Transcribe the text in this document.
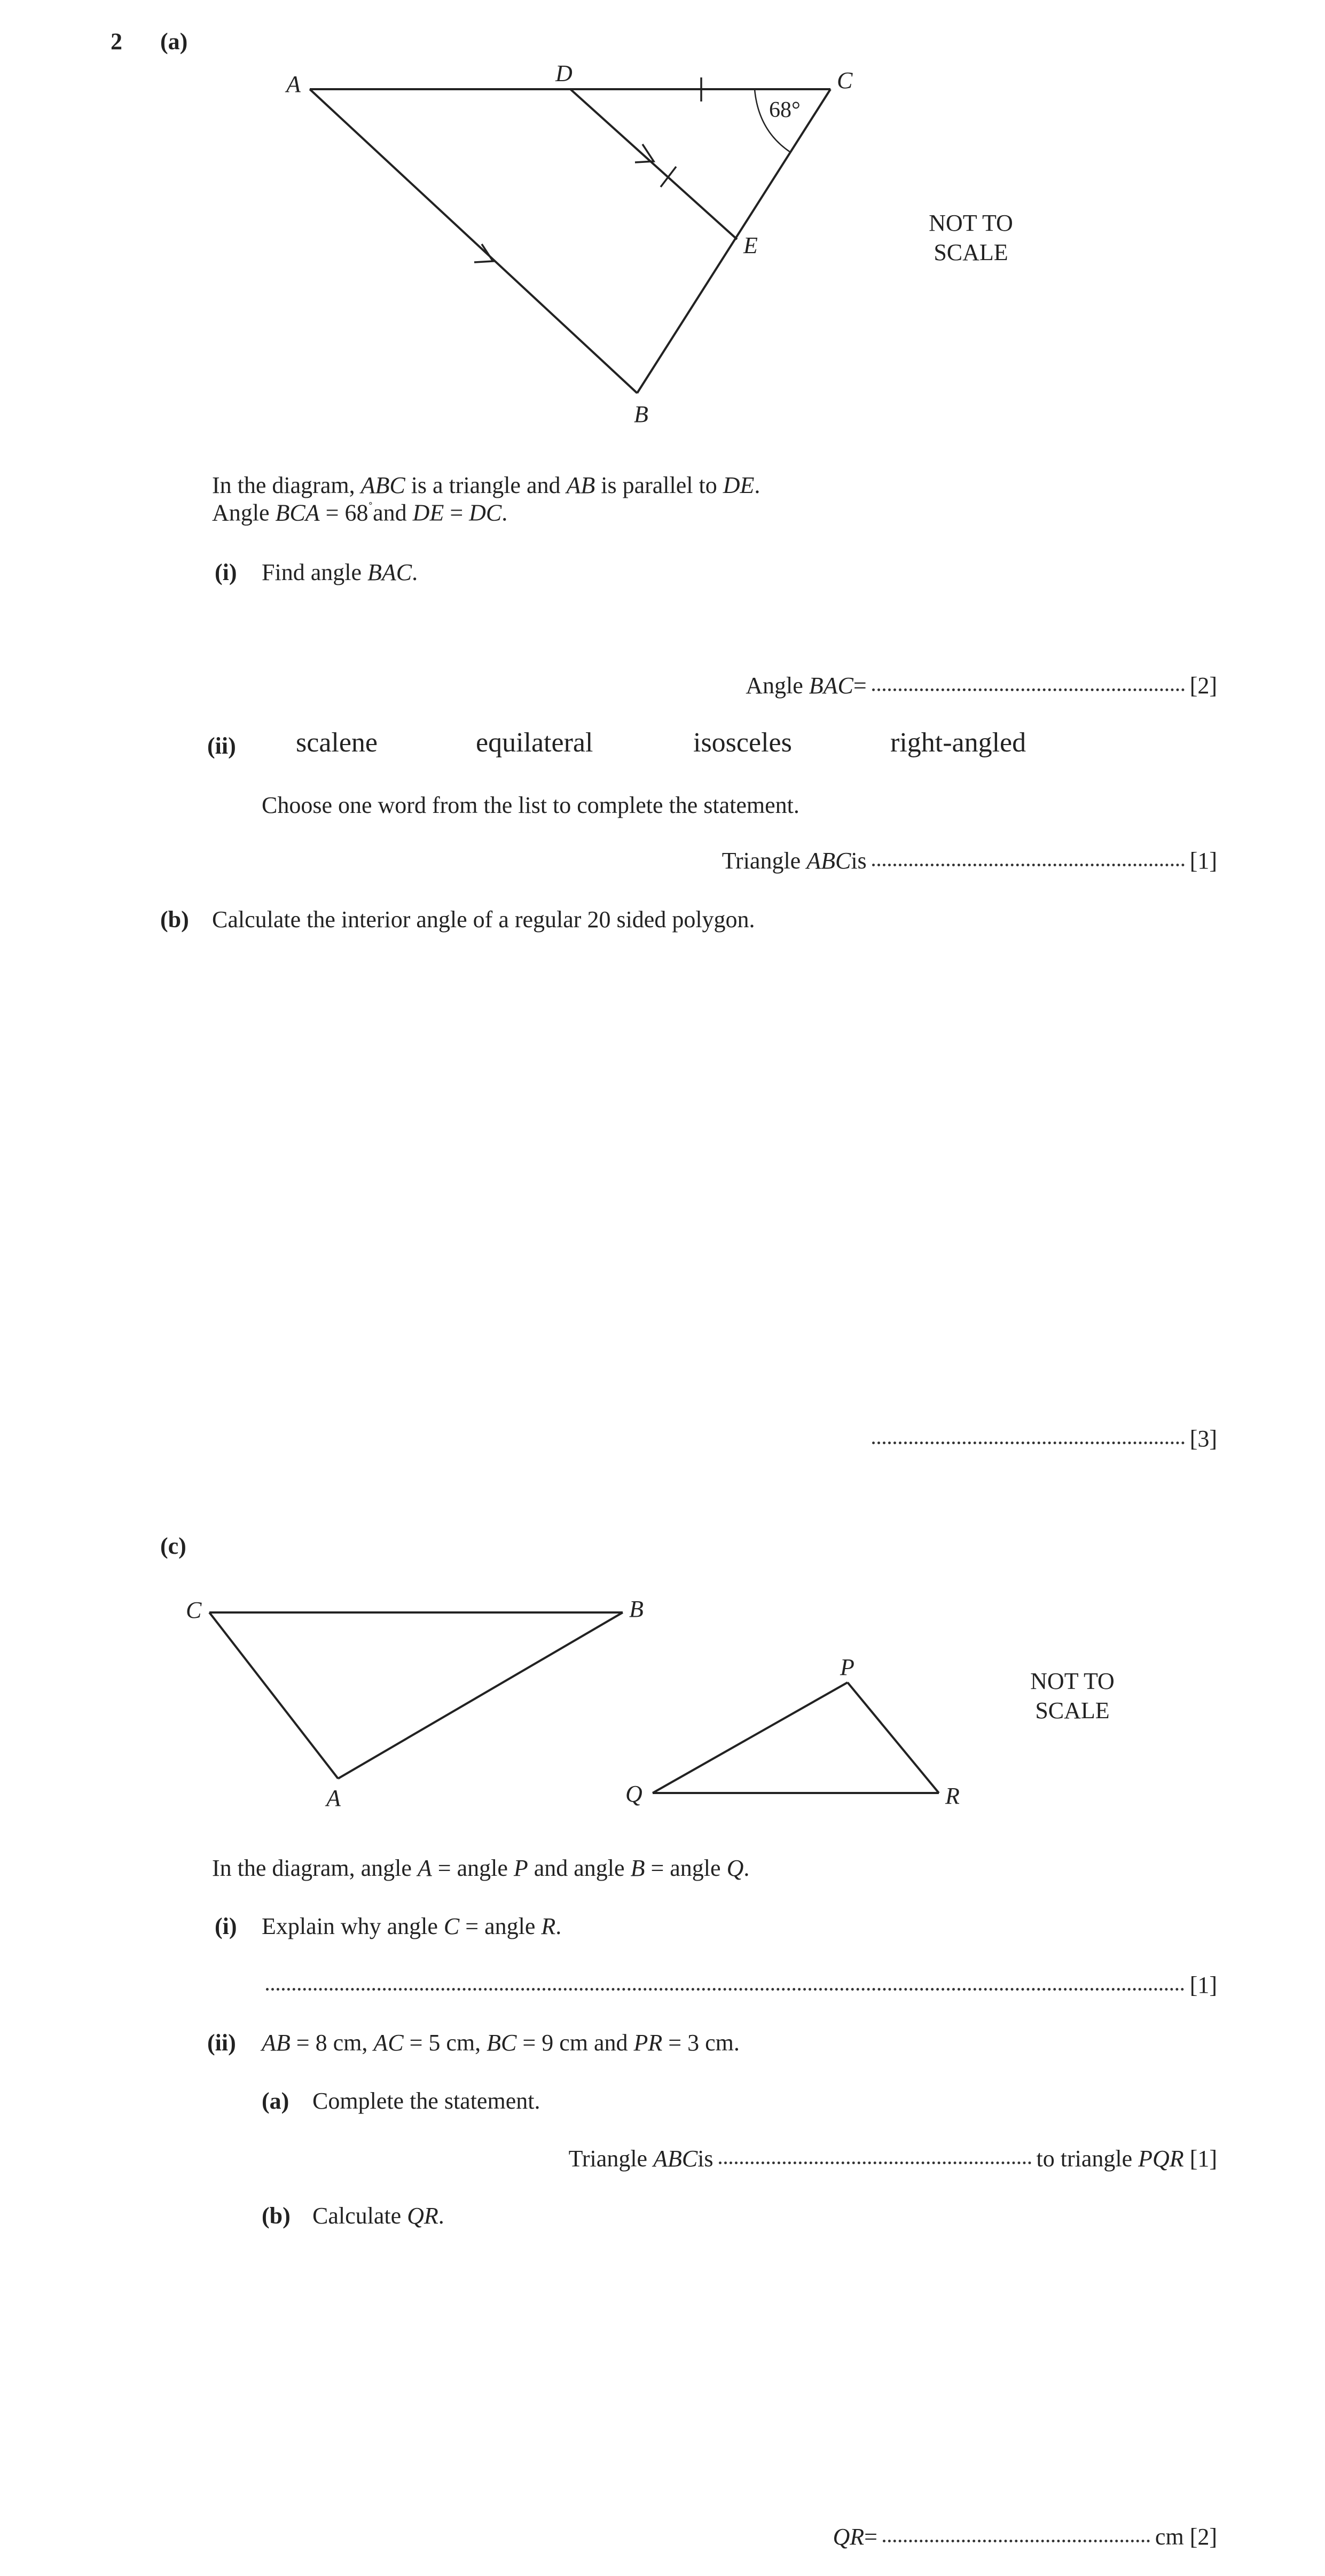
2 (a)
A	D	C
E
B
68°
NOT TO
SCALE
In the diagram, ABC is a triangle and AB is parallel to DE.
Angle BCA = 68˚and DE = DC.
(i) Find angle BAC.
Angle
BAC =	[2]
(ii) scalene	equilateral	isosceles	right-angled
Choose one word from the list to complete the statement.
Triangle
ABC is	[1]
(b) Calculate the interior angle of a regular 20 sided polygon.
[3]
(c)
C	B
A
P
Q	R
NOT TO
SCALE
In the diagram, angle A = angle P and angle B = angle Q.
(i) Explain why angle C = angle R.
[1]
(ii) AB = 8 cm, AC = 5 cm, BC = 9 cm and PR = 3 cm.
(a) Complete the statement.
Triangle
ABC is	to triangle
PQR
[1]
(b) Calculate QR.
QR =	cm
[2]
